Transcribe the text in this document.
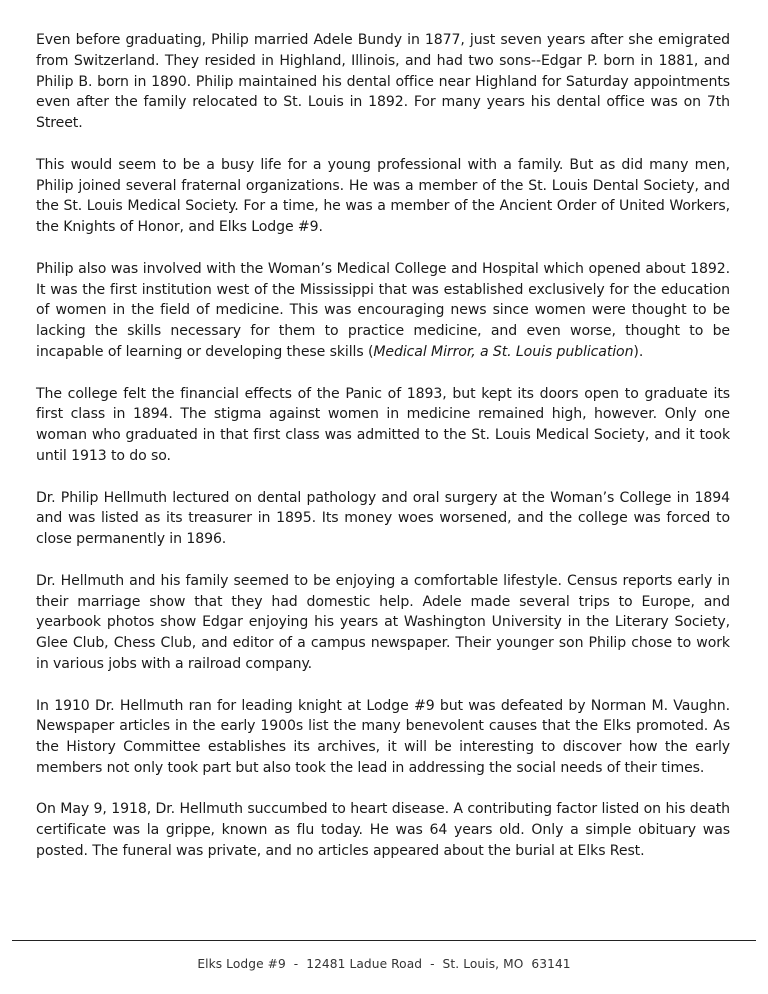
Even before graduating, Philip married Adele Bundy in 1877, just seven years after she emigrated from Switzerland. They resided in Highland, Illinois, and had two sons--Edgar P. born in 1881, and Philip B. born in 1890. Philip maintained his dental office near Highland for Saturday appointments even after the family relocated to St. Louis in 1892. For many years his dental office was on 7th Street.

This would seem to be a busy life for a young professional with a family. But as did many men, Philip joined several fraternal organizations. He was a member of the St. Louis Dental Society, and the St. Louis Medical Society. For a time, he was a member of the Ancient Order of United Workers, the Knights of Honor, and Elks Lodge #9.

Philip also was involved with the Woman’s Medical College and Hospital which opened about 1892. It was the first institution west of the Mississippi that was established exclusively for the education of women in the field of medicine. This was encouraging news since women were thought to be lacking the skills necessary for them to practice medicine, and even worse, thought to be incapable of learning or developing these skills (Medical Mirror, a St. Louis publication).

The college felt the financial effects of the Panic of 1893, but kept its doors open to graduate its first class in 1894. The stigma against women in medicine remained high, however. Only one woman who graduated in that first class was admitted to the St. Louis Medical Society, and it took until 1913 to do so.

Dr. Philip Hellmuth lectured on dental pathology and oral surgery at the Woman’s College in 1894 and was listed as its treasurer in 1895. Its money woes worsened, and the college was forced to close permanently in 1896.

Dr. Hellmuth and his family seemed to be enjoying a comfortable lifestyle. Census reports early in their marriage show that they had domestic help. Adele made several trips to Europe, and yearbook photos show Edgar enjoying his years at Washington University in the Literary Society, Glee Club, Chess Club, and editor of a campus newspaper. Their younger son Philip chose to work in various jobs with a railroad company.

In 1910 Dr. Hellmuth ran for leading knight at Lodge #9 but was defeated by Norman M. Vaughn. Newspaper articles in the early 1900s list the many benevolent causes that the Elks promoted. As the History Committee establishes its archives, it will be interesting to discover how the early members not only took part but also took the lead in addressing the social needs of their times.

On May 9, 1918, Dr. Hellmuth succumbed to heart disease. A contributing factor listed on his death certificate was la grippe, known as flu today. He was 64 years old. Only a simple obituary was posted. The funeral was private, and no articles appeared about the burial at Elks Rest.

Elks Lodge #9  -  12481 Ladue Road  -  St. Louis, MO  63141
